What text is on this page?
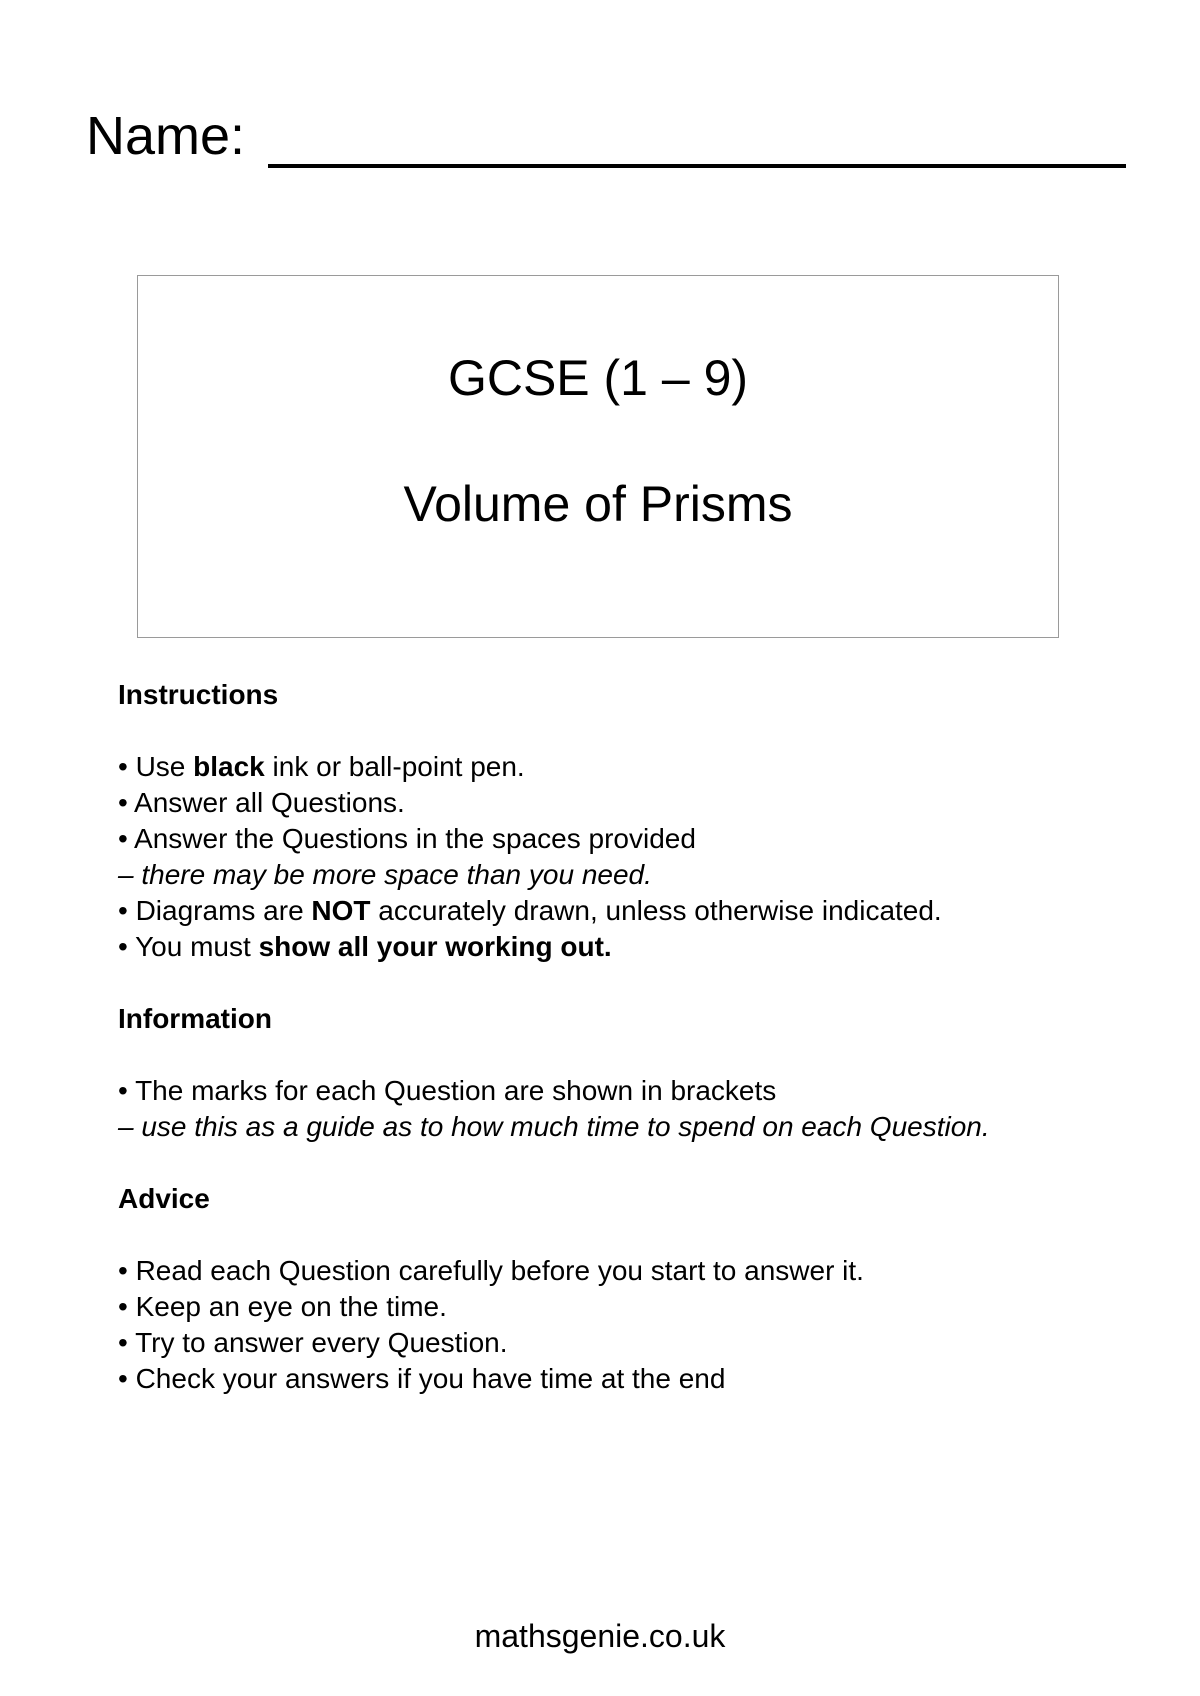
Name:
GCSE (1 – 9)
Volume of Prisms
Instructions
• Use black ink or ball-point pen.
• Answer all Questions.
• Answer the Questions in the spaces provided
– there may be more space than you need.
• Diagrams are NOT accurately drawn, unless otherwise indicated.
• You must show all your working out.
Information
• The marks for each Question are shown in brackets
– use this as a guide as to how much time to spend on each Question.
Advice
• Read each Question carefully before you start to answer it.
• Keep an eye on the time.
• Try to answer every Question.
• Check your answers if you have time at the end
mathsgenie.co.uk
